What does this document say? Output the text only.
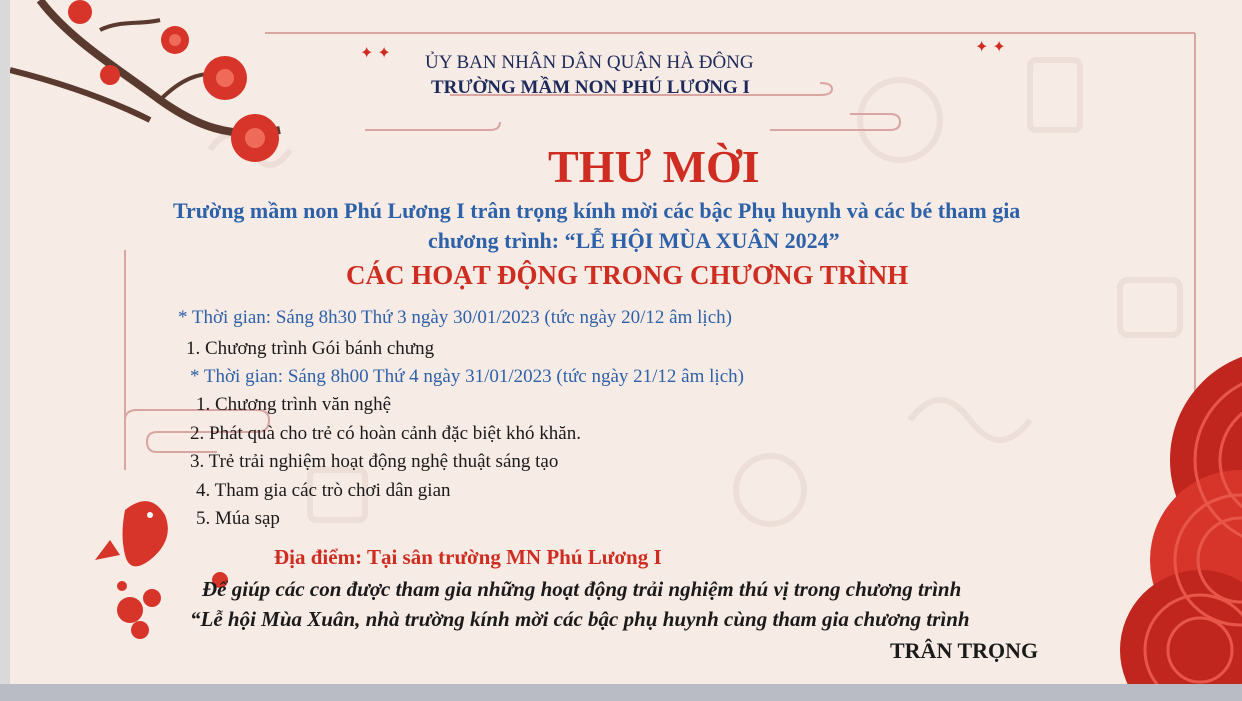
✦ ✦	✦ ✦
ỦY BAN NHÂN DÂN QUẬN HÀ ĐÔNG
TRƯỜNG MẦM NON PHÚ LƯƠNG I
THƯ MỜI
Trường mầm non Phú Lương I trân trọng kính mời các bậc Phụ huynh và các bé tham gia
chương trình: “LỄ HỘI MÙA XUÂN 2024”
CÁC HOẠT ĐỘNG TRONG CHƯƠNG TRÌNH
* Thời gian: Sáng 8h30 Thứ 3 ngày 30/01/2023 (tức ngày 20/12 âm lịch)
1. Chương trình Gói bánh chưng
* Thời gian: Sáng 8h00 Thứ 4 ngày 31/01/2023 (tức ngày 21/12 âm lịch)
1. Chương trình văn nghệ
2. Phát quà cho trẻ có hoàn cảnh đặc biệt khó khăn.
3. Trẻ trải nghiệm hoạt động nghệ thuật sáng tạo
4. Tham gia các trò chơi dân gian
5. Múa sạp
Địa điểm: Tại sân trường MN Phú Lương I
Để giúp các con được tham gia những hoạt động trải nghiệm thú vị trong chương trình
“Lễ hội Mùa Xuân, nhà trường kính mời các bậc phụ huynh cùng tham gia chương trình
TRÂN TRỌNG
